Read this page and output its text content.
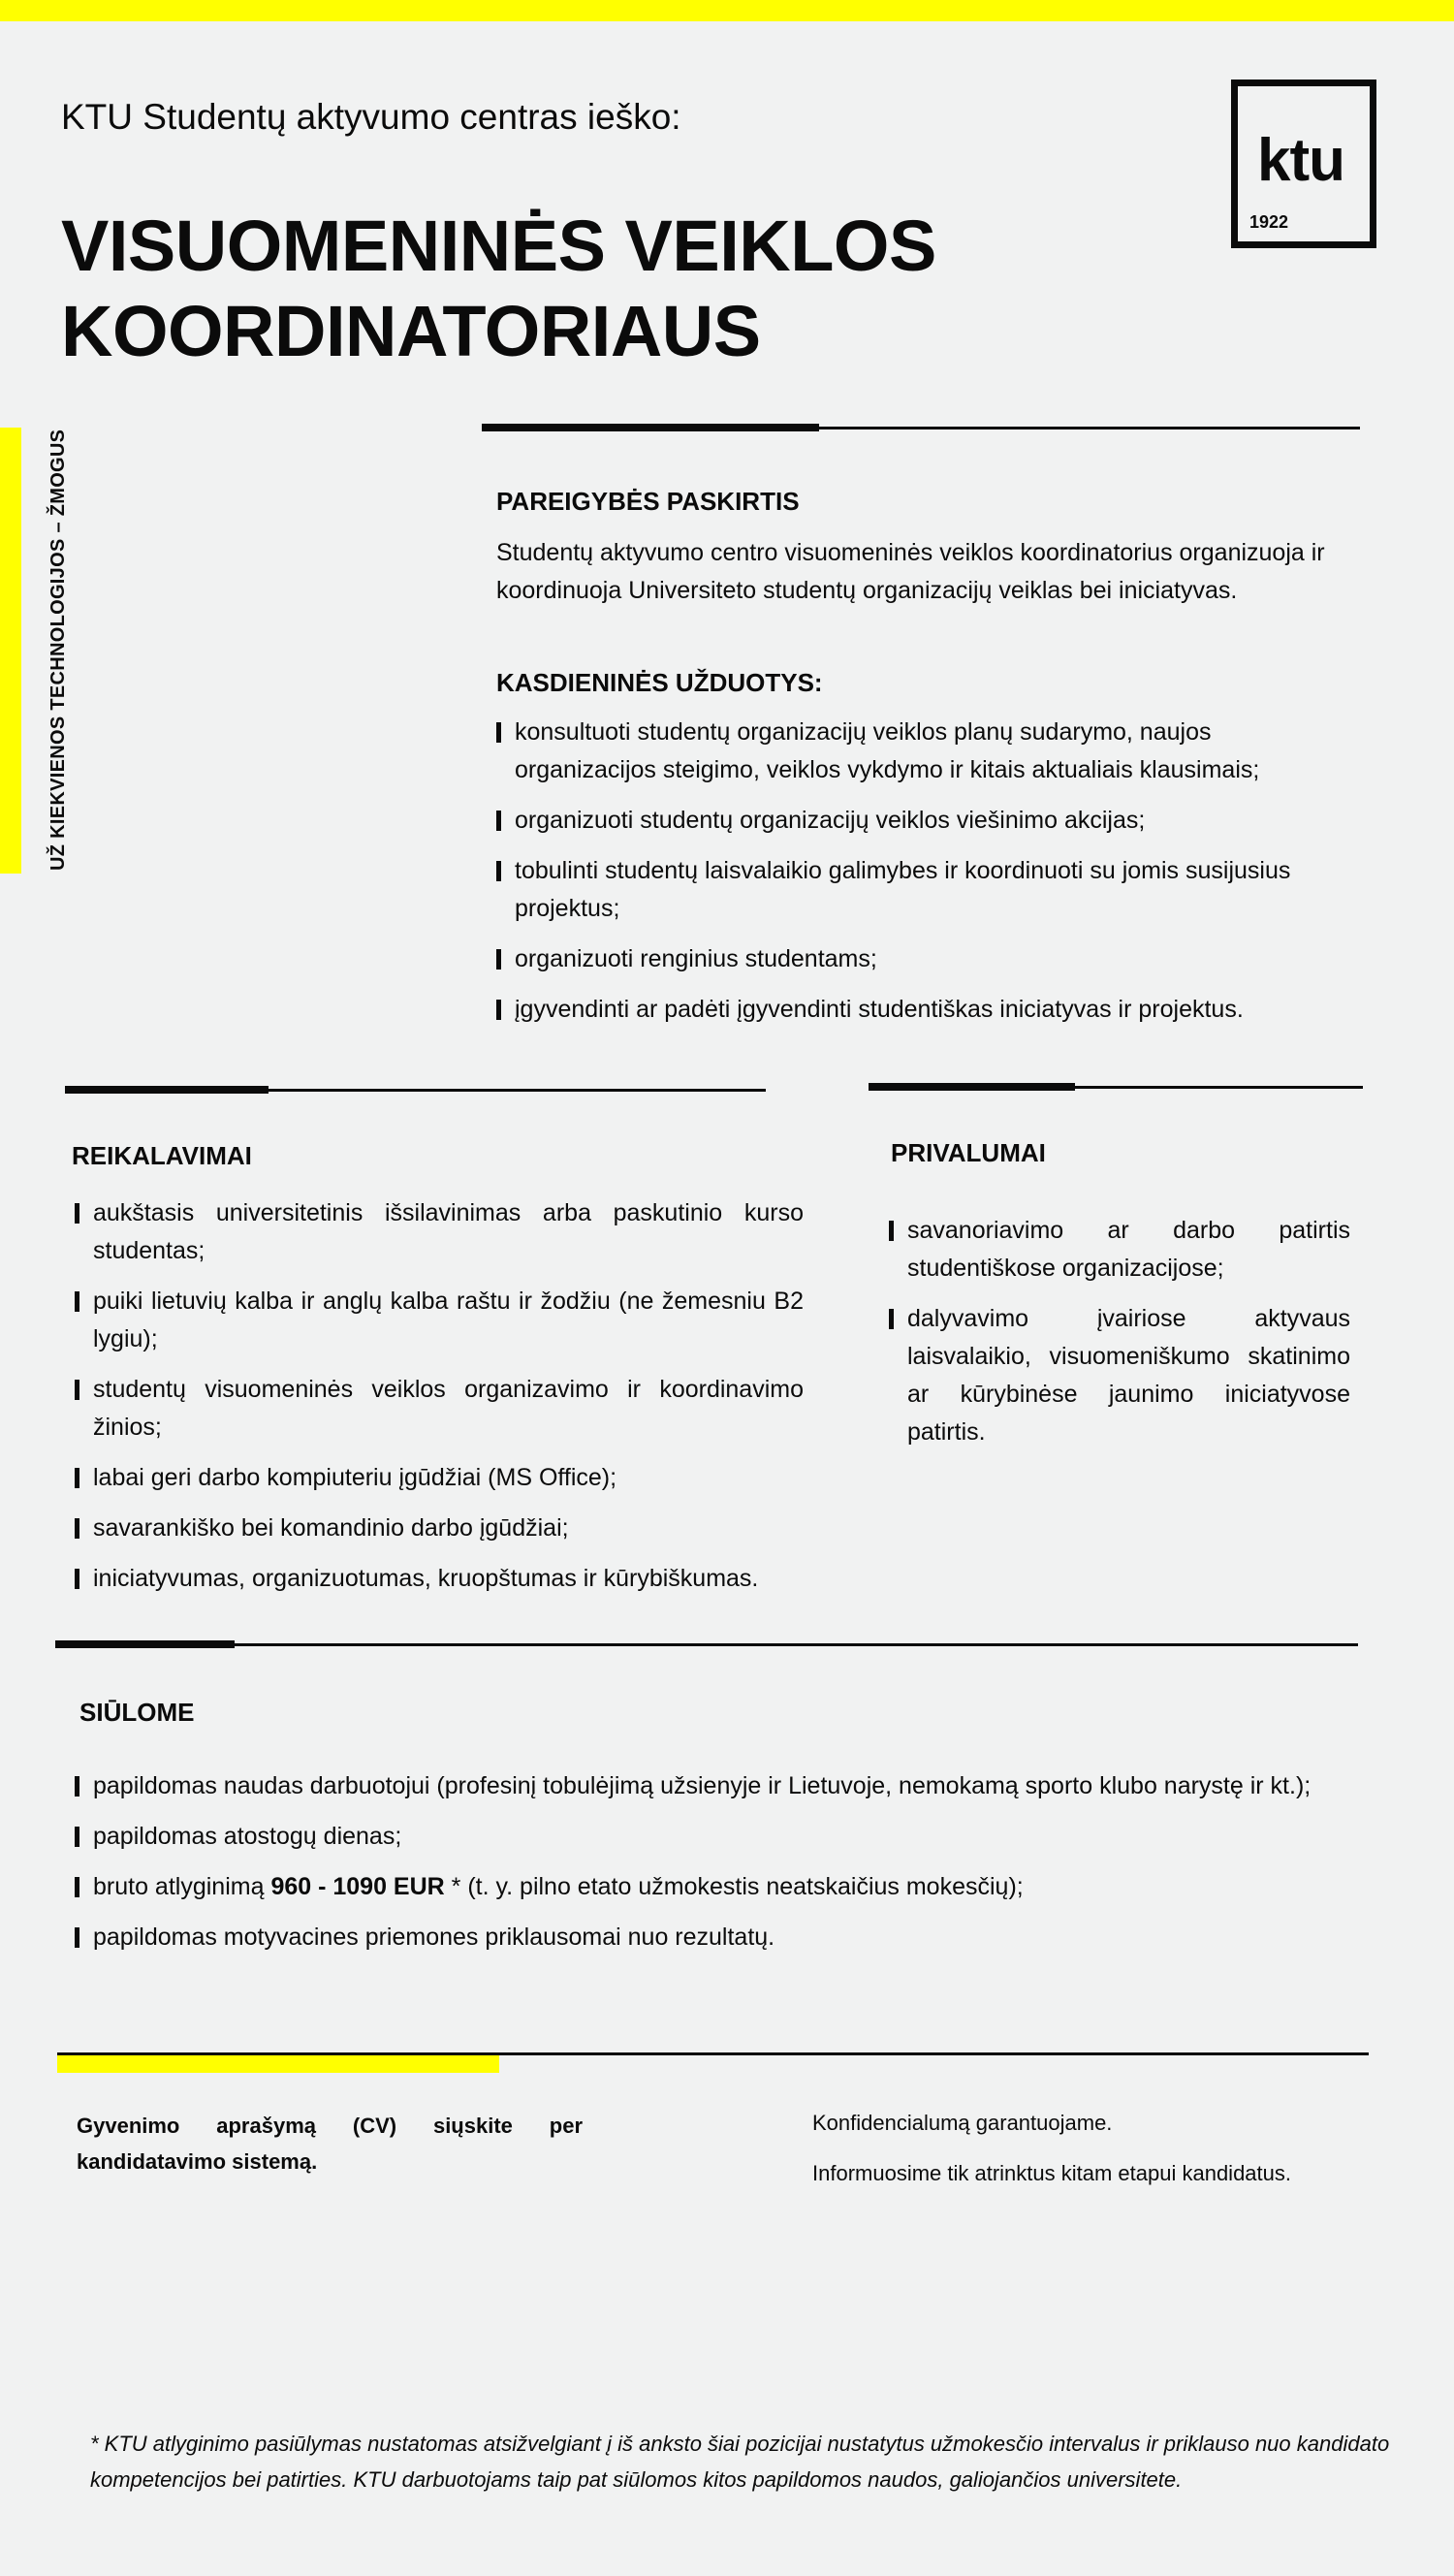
UŽ KIEKVIENOS TECHNOLOGIJOS – ŽMOGUS
KTU Studentų aktyvumo centras ieško:
VISUOMENINĖS VEIKLOS
KOORDINATORIAUS
ktu
1922
PAREIGYBĖS PASKIRTIS
Studentų aktyvumo centro visuomeninės veiklos koordinatorius organizuoja ir koordinuoja Universiteto studentų organizacijų veiklas bei iniciatyvas.
KASDIENINĖS UŽDUOTYS:
konsultuoti studentų organizacijų veiklos planų sudarymo, naujos organizacijos steigimo, veiklos vykdymo ir kitais aktualiais klausimais;
organizuoti studentų organizacijų veiklos viešinimo akcijas;
tobulinti studentų laisvalaikio galimybes ir koordinuoti su jomis susijusius projektus;
organizuoti renginius studentams;
įgyvendinti ar padėti įgyvendinti studentiškas iniciatyvas ir projektus.
REIKALAVIMAI
aukštasis universitetinis išsilavinimas arba paskutinio kurso studentas;
puiki lietuvių kalba ir anglų kalba raštu ir žodžiu (ne žemesniu B2 lygiu);
studentų visuomeninės veiklos organizavimo ir koordinavimo žinios;
labai geri darbo kompiuteriu įgūdžiai (MS Office);
savarankiško bei komandinio darbo įgūdžiai;
iniciatyvumas, organizuotumas, kruopštumas ir kūrybiškumas.
PRIVALUMAI
savanoriavimo ar darbo patirtis studentiškose organizacijose;
dalyvavimo įvairiose aktyvaus laisvalaikio, visuomeniškumo skatinimo ar kūrybinėse jaunimo iniciatyvose patirtis.
SIŪLOME
papildomas naudas darbuotojui (profesinį tobulėjimą užsienyje ir Lietuvoje, nemokamą sporto klubo narystę ir kt.);
papildomas atostogų dienas;
bruto atlyginimą 960 - 1090 EUR * (t. y. pilno etato užmokestis neatskaičius mokesčių);
papildomas motyvacines priemones priklausomai nuo rezultatų.
Gyvenimo aprašymą (CV) siųskite per kandidatavimo sistemą.
Konfidencialumą garantuojame.
Informuosime tik atrinktus kitam etapui kandidatus.
* KTU atlyginimo pasiūlymas nustatomas atsižvelgiant į iš anksto šiai pozicijai nustatytus užmokesčio intervalus ir priklauso nuo kandidato kompetencijos bei patirties. KTU darbuotojams taip pat siūlomos kitos papildomos naudos, galiojančios universitete.
